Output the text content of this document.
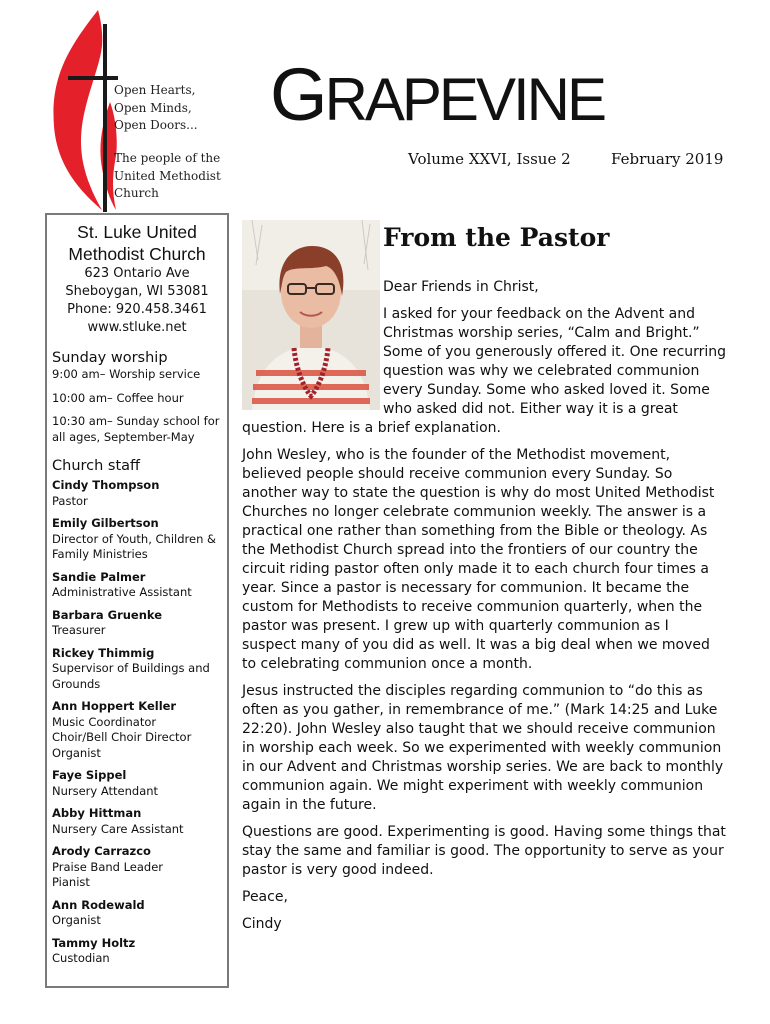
Open Hearts,
Open Minds,
Open Doors...
The people of the
United Methodist
Church
GRAPEVINE
Volume XXVI, Issue 2	February 2019
St. Luke United
Methodist Church
623 Ontario Ave
Sheboygan, WI 53081
Phone: 920.458.3461
www.stluke.net
Sunday worship
9:00 am– Worship service
10:00 am– Coffee hour
10:30 am– Sunday school for all ages, September-May
Church staff
Cindy Thompson
Pastor
Emily Gilbertson
Director of Youth, Children & Family Ministries
Sandie Palmer
Administrative Assistant
Barbara Gruenke
Treasurer
Rickey Thimmig
Supervisor of Buildings and Grounds
Ann Hoppert Keller
Music Coordinator
Choir/Bell Choir Director
Organist
Faye Sippel
Nursery Attendant
Abby Hittman
Nursery Care Assistant
Arody Carrazco
Praise Band Leader
Pianist
Ann Rodewald
Organist
Tammy Holtz
Custodian
From the Pastor

Dear Friends in Christ,

I asked for your feedback on the Advent and Christmas worship series, “Calm and Bright.” Some of you generously offered it. One recurring question was why we celebrated communion every Sunday. Some who asked loved it. Some who asked did not. Either way it is a great question. Here is a brief explanation.

John Wesley, who is the founder of the Methodist movement, believed people should receive communion every Sunday. So another way to state the question is why do most United Methodist Churches no longer celebrate communion weekly. The answer is a practical one rather than something from the Bible or theology. As the Methodist Church spread into the frontiers of our country the circuit riding pastor often only made it to each church four times a year. Since a pastor is necessary for communion. It became the custom for Methodists to receive communion quarterly, when the pastor was present. I grew up with quarterly communion as I suspect many of you did as well. It was a big deal when we moved to celebrating communion once a month.

Jesus instructed the disciples regarding communion to “do this as often as you gather, in remembrance of me.” (Mark 14:25 and Luke 22:20). John Wesley also taught that we should receive communion in worship each week. So we experimented with weekly communion in our Advent and Christmas worship series. We are back to monthly communion again. We might experiment with weekly communion again in the future.

Questions are good. Experimenting is good. Having some things that stay the same and familiar is good. The opportunity to serve as your pastor is very good indeed.

Peace,

Cindy
